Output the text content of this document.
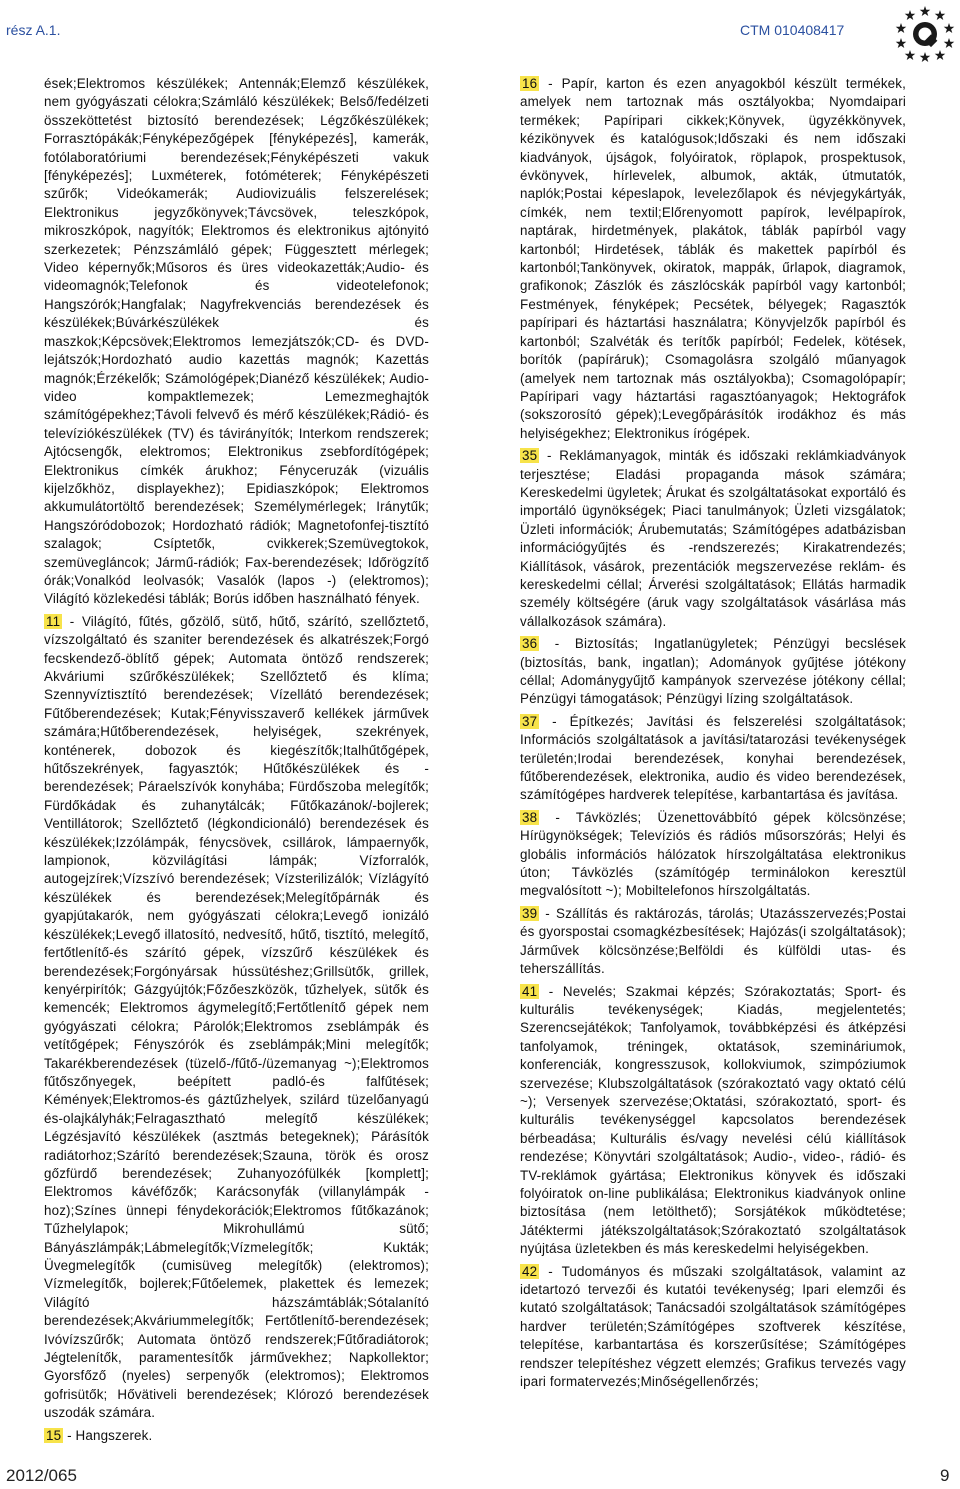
rész A.1.	CTM 010408417

ések;Elektromos készülékek; Antennák;Elemző készülékek, nem gyógyászati célokra;Számláló készülékek; Belső/fedélzeti összeköttetést biztosító berendezések; Légzőkészülékek; Forrasztópákák;Fényképezőgépek [fényképezés], kamerák, fotólaboratóriumi berendezések;Fényképészeti vakuk [fényképezés]; Luxméterek, fotóméterek; Fényképészeti szűrők; Videókamerák; Audiovizuális felszerelések; Elektronikus jegyzőkönyvek;Távcsövek, teleszkópok, mikroszkópok, nagyítók; Elektromos és elektronikus ajtónyitó szerkezetek; Pénzszámláló gépek; Függesztett mérlegek; Video képernyők;Műsoros és üres videokazetták;Audio- és videomagnók;Telefonok és videotelefonok; Hangszórók;Hangfalak; Nagyfrekvenciás berendezések és készülékek;Búvárkészülékek és maszkok;Képcsövek;Elektromos lemezjátszók;CD- és DVD-lejátszók;Hordozható audio kazettás magnók; Kazettás magnók;Érzékelők; Számológépek;Dianéző készülékek; Audio-video kompaktlemezek; Lemezmeghajtók számítógépekhez;Távoli felvevő és mérő készülékek;Rádió- és televíziókészülékek (TV) és távirányítók; Interkom rendszerek; Ajtócsengők, elektromos; Elektronikus zsebfordítógépek; Elektronikus címkék árukhoz; Fényceruzák (vizuális kijelzőkhöz, displayekhez); Epidiaszkópok; Elektromos akkumulátortöltő berendezések; Személymérlegek; Iránytűk; Hangszóródobozok; Hordozható rádiók; Magnetofonfej-tisztító szalagok; Csíptetők, cvikkerek;Szemüvegtokok, szemüvegláncok; Jármű-rádiók; Fax-berendezések; Időrögzítő órák;Vonalkód leolvasók; Vasalók (lapos -) (elektromos); Világító közlekedési táblák; Borús időben használható fények.

11 - Világító, fűtés, gőzölő, sütő, hűtő, szárító, szellőztető, vízszolgáltató és szaniter berendezések és alkatrészek;Forgó fecskendező-öblítő gépek; Automata öntöző rendszerek; Akváriumi szűrőkészülékek; Szellőztető és klíma; Szennyvíztisztító berendezések; Vízellátó berendezések; Fűtőberendezések; Kutak;Fényvisszaverő kellékek járművek számára;Hűtőberendezések, helyiségek, szekrények, konténerek, dobozok és kiegészítők;Italhűtőgépek, hűtőszekrények, fagyasztók; Hűtőkészülékek és - berendezések; Páraelszívók konyhába; Fürdőszoba melegítők; Fürdőkádak és zuhanytálcák; Fűtőkazánok/-bojlerek; Ventillátorok; Szellőztető (légkondicionáló) berendezések és készülékek;Izzólámpák, fénycsövek, csillárok, lámpaernyők, lampionok, közvilágítási lámpák; Vízforralók, autogejzírek;Vízszívó berendezések; Vízsterilizálók; Vízlágyító készülékek és berendezések;Melegítőpárnák és gyapjútakarók, nem gyógyászati célokra;Levegő ionizáló készülékek;Levegő illatosító, nedvesítő, hűtő, tisztító, melegítő, fertőtlenítő-és szárító gépek, vízszűrő készülékek és berendezések;Forgónyársak hússütéshez;Grillsütők, grillek, kenyérpirítók; Gázgyújtók;Főzőeszközök, tűzhelyek, sütők és kemencék; Elektromos ágymelegítő;Fertőtlenítő gépek nem gyógyászati célokra; Párolók;Elektromos zseblámpák és vetítőgépek; Fényszórók és zseblámpák;Mini melegítők; Takarékberendezések (tüzelő-/fűtő-/üzemanyag ~);Elektromos fűtőszőnyegek, beépített padló-és falfűtések; Kémények;Elektromos-és gáztűzhelyek, szilárd tüzelőanyagú és-olajkályhák;Felragasztható melegítő készülékek; Légzésjavító készülékek (asztmás betegeknek); Párásítók radiátorhoz;Szárító berendezések;Szauna, török és orosz gőzfürdő berendezések; Zuhanyozófülkék [komplett]; Elektromos kávéfőzők; Karácsonyfák (villanylámpák -hoz);Színes ünnepi fénydekorációk;Elektromos fűtőkazánok; Tűzhelylapok; Mikrohullámú sütő; Bányászlámpák;Lábmelegítők;Vízmelegítők; Kukták; Üvegmelegítők (cumisüveg melegítők) (elektromos); Vízmelegítők, bojlerek;Fűtőelemek, plakettek és lemezek; Világító házszámtáblák;Sótalanító berendezések;Akváriummelegítők; Fertőtlenítő-berendezések; Ivóvízszűrők; Automata öntöző rendszerek;Fűtőradiátorok; Jégtelenítők, paramentesítők járművekhez; Napkollektor; Gyorsfőző (nyeles) serpenyők (elektromos); Elektromos gofrisütők; Hővätiveli berendezések; Klórozó berendezések uszodák számára.

15 - Hangszerek.

16 - Papír, karton és ezen anyagokból készült termékek, amelyek nem tartoznak más osztályokba; Nyomdaipari termékek; Papíripari cikkek;Könyvek, ügyzékkönyvek, kézikönyvek és katalógusok;Időszaki és nem időszaki kiadványok, újságok, folyóiratok, röplapok, prospektusok, évkönyvek, hírlevelek, albumok, akták, útmutatók, naplók;Postai képeslapok, levelezőlapok és névjegykártyák, címkék, nem textil;Előrenyomott papírok, levélpapírok, naptárak, hirdetmények, plakátok, táblák papírból vagy kartonból; Hirdetések, táblák és makettek papírból és kartonból;Tankönyvek, okiratok, mappák, űrlapok, diagramok, grafikonok; Zászlók és zászlócskák papírból vagy kartonból; Festmények, fényképek; Pecsétek, bélyegek; Ragasztók papíripari és háztartási használatra; Könyvjelzők papírból és kartonból; Szalvéták és terítők papírból; Fedelek, kötések, borítók (papíráruk); Csomagolásra szolgáló műanyagok (amelyek nem tartoznak más osztályokba); Csomagolópapír; Papíripari vagy háztartási ragasztóanyagok; Hektográfok (sokszorosító gépek);Levegőpárásítók irodákhoz és más helyiségekhez; Elektronikus írógépek.

35 - Reklámanyagok, minták és időszaki reklámkiadványok terjesztése; Eladási propaganda mások számára; Kereskedelmi ügyletek; Árukat és szolgáltatásokat exportáló és importáló ügynökségek; Piaci tanulmányok; Üzleti vizsgálatok; Üzleti információk; Árubemutatás; Számítógépes adatbázisban információgyűjtés és -rendszerezés; Kirakatrendezés; Kiállítások, vásárok, prezentációk megszervezése reklám- és kereskedelmi céllal; Árverési szolgáltatások; Ellátás harmadik személy költségére (áruk vagy szolgáltatások vásárlása más vállalkozások számára).

36 - Biztosítás; Ingatlanügyletek; Pénzügyi becslések (biztosítás, bank, ingatlan); Adományok gyűjtése jótékony céllal; Adománygyűjtő kampányok szervezése jótékony céllal; Pénzügyi támogatások; Pénzügyi lízing szolgáltatások.

37 - Építkezés; Javítási és felszerelési szolgáltatások; Információs szolgáltatások a javítási/tatarozási tevékenységek területén;Irodai berendezések, konyhai berendezések, fűtőberendezések, elektronika, audio és video berendezések, számítógépes hardverek telepítése, karbantartása és javítása.

38 - Távközlés; Üzenettovábbító gépek kölcsönzése; Hírügynökségek; Televíziós és rádiós műsorszórás; Helyi és globális információs hálózatok hírszolgáltatása elektronikus úton; Távközlés (számítógép terminálokon keresztül megvalósított ~); Mobiltelefonos hírszolgáltatás.

39 - Szállítás és raktározás, tárolás; Utazásszervezés;Postai és gyorspostai csomagkézbesítések; Hajózás(i szolgáltatások); Járművek kölcsönzése;Belföldi és külföldi utas- és teherszállítás.

41 - Nevelés; Szakmai képzés; Szórakoztatás; Sport- és kulturális tevékenységek; Kiadás, megjelentetés; Szerencsejátékok; Tanfolyamok, továbbképzési és átképzési tanfolyamok, tréningek, oktatások, szemináriumok, konferenciák, kongresszusok, kollokviumok, szimpóziumok szervezése; Klubszolgáltatások (szórakoztató vagy oktató célú ~); Versenyek szervezése;Oktatási, szórakoztató, sport- és kulturális tevékenységgel kapcsolatos berendezések bérbeadása; Kulturális és/vagy nevelési célú kiállítások rendezése; Könyvtári szolgáltatások; Audio-, video-, rádió- és TV-reklámok gyártása; Elektronikus könyvek és időszaki folyóiratok on-line publikálása; Elektronikus kiadványok online biztosítása (nem letölthető); Sorsjátékok működtetése; Játéktermi játékszolgáltatások;Szórakoztató szolgáltatások nyújtása üzletekben és más kereskedelmi helyiségekben.

42 - Tudományos és műszaki szolgáltatások, valamint az idetartozó tervezői és kutatói tevékenység; Ipari elemzői és kutató szolgáltatások; Tanácsadói szolgáltatások számítógépes hardver területén;Számítógépes szoftverek készítése, telepítése, karbantartása és korszerűsítése; Számítógépes rendszer telepítéshez végzett elemzés; Grafikus tervezés vagy ipari formatervezés;Minőségellenőrzés;

2012/065	9
